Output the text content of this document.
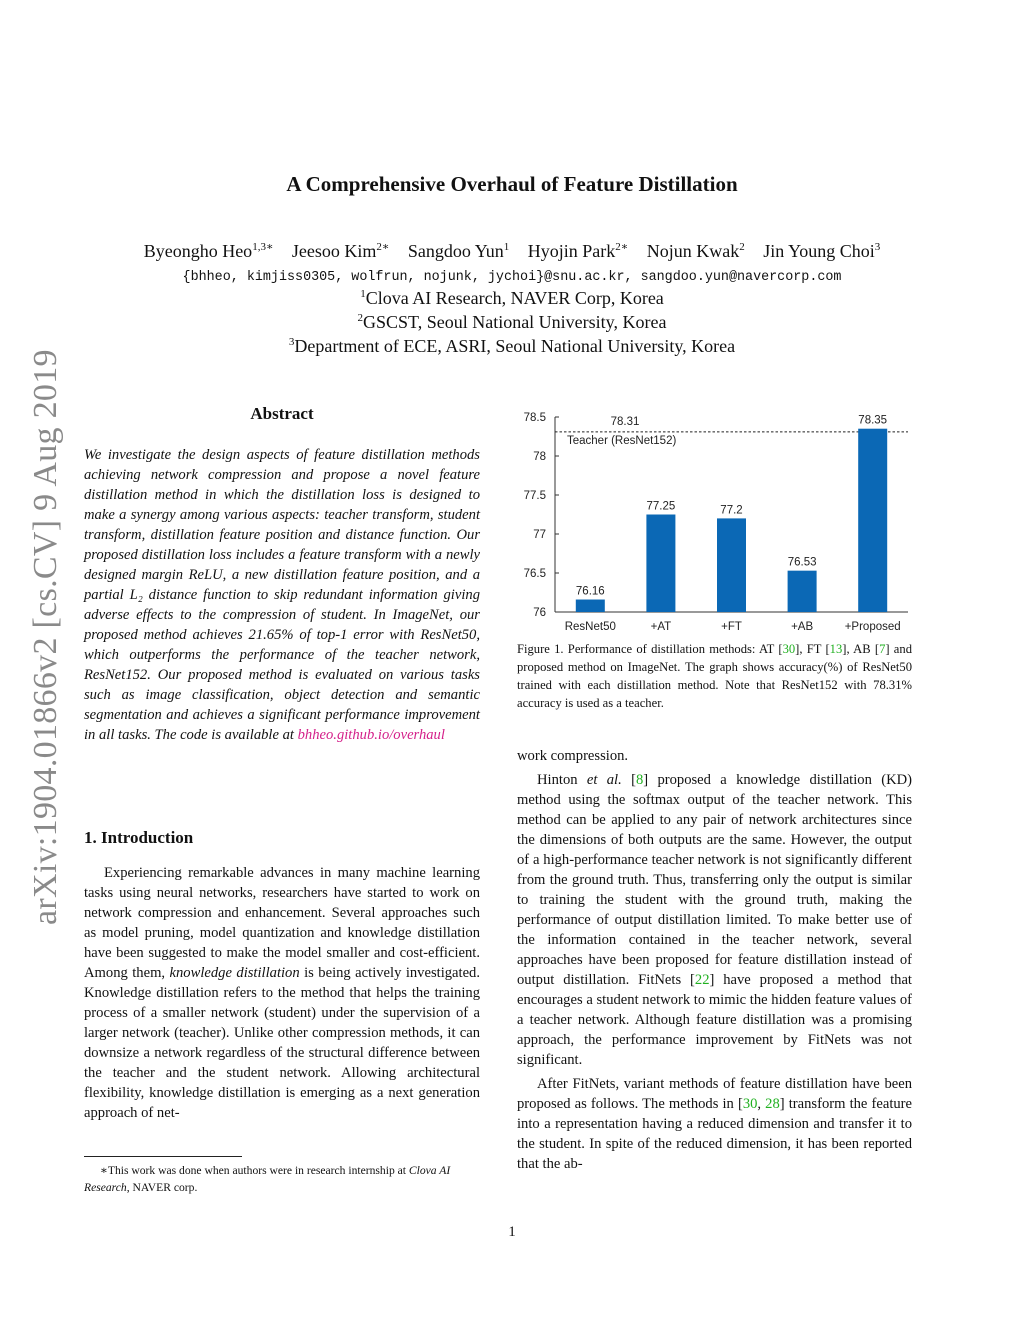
A Comprehensive Overhaul of Feature Distillation
Byeongho Heo$^{1,3∗}$ Jeesoo Kim$^{2∗}$ Sangdoo Yun$^1$ Hyojin Park$^{2∗}$ Nojun Kwak$^2$ Jin Young Choi$^3$
{bhheo, kimjiss0305, wolfrun, nojunk, jychoi}@snu.ac.kr, sangdoo.yun@navercorp.com
$^1$Clova AI Research, NAVER Corp, Korea
$^2$GSCST, Seoul National University, Korea
$^3$Department of ECE, ASRI, Seoul National University, Korea
arXiv:1904.01866v2 [cs.CV] 9 Aug 2019	Abstract
We investigate the design aspects of feature distillation methods achieving network compression and propose a novel feature distillation method in which the distillation loss is designed to make a synergy among various aspects: teacher transform, student transform, distillation feature position and distance function. Our proposed distillation loss includes a feature transform with a newly designed margin ReLU, a new distillation feature position, and a partial L₂ distance function to skip redundant information giving adverse effects to the compression of student. In ImageNet, our proposed method achieves 21.65% of top-1 error with ResNet50, which outperforms the performance of the teacher network, ResNet152. Our proposed method is evaluated on various tasks such as image classification, object detection and semantic segmentation and achieves a significant performance improvement in all tasks. The code is available at bhheo.github.io/overhaul
1. Introduction

Experiencing remarkable advances in many machine learning tasks using neural networks, researchers have started to work on network compression and enhancement. Several approaches such as model pruning, model quantization and knowledge distillation have been suggested to make the model smaller and cost-efficient. Among them, knowledge distillation is being actively investigated. Knowledge distillation refers to the method that helps the training process of a smaller network (student) under the supervision of a larger network (teacher). Unlike other compression methods, it can downsize a network regardless of the structural difference between the teacher and the student network. Allowing architectural flexibility, knowledge distillation is emerging as a next generation approach of net-

∗This work was done when authors were in research internship at Clova AI Research, NAVER corp.
76
76.5
77
77.5
78
78.5	78.31
Teacher (ResNet152)
76.16
ResNet50
77.25
+AT
77.2
+FT
76.53
+AB
78.35
+Proposed
Figure 1. Performance of distillation methods: AT [30], FT [13], AB [7] and proposed method on ImageNet. The graph shows accuracy(%) of ResNet50 trained with each distillation method. Note that ResNet152 with 78.31% accuracy is used as a teacher.

work compression.

Hinton et al. [8] proposed a knowledge distillation (KD) method using the softmax output of the teacher network. This method can be applied to any pair of network architectures since the dimensions of both outputs are the same. However, the output of a high-performance teacher network is not significantly different from the ground truth. Thus, transferring only the output is similar to training the student with the ground truth, making the performance of output distillation limited. To make better use of the information contained in the teacher network, several approaches have been proposed for feature distillation instead of output distillation. FitNets [22] have proposed a method that encourages a student network to mimic the hidden feature values of a teacher network. Although feature distillation was a promising approach, the performance improvement by FitNets was not significant.

After FitNets, variant methods of feature distillation have been proposed as follows. The methods in [30, 28] transform the feature into a representation having a reduced dimension and transfer it to the student. In spite of the reduced dimension, it has been reported that the ab-

1
